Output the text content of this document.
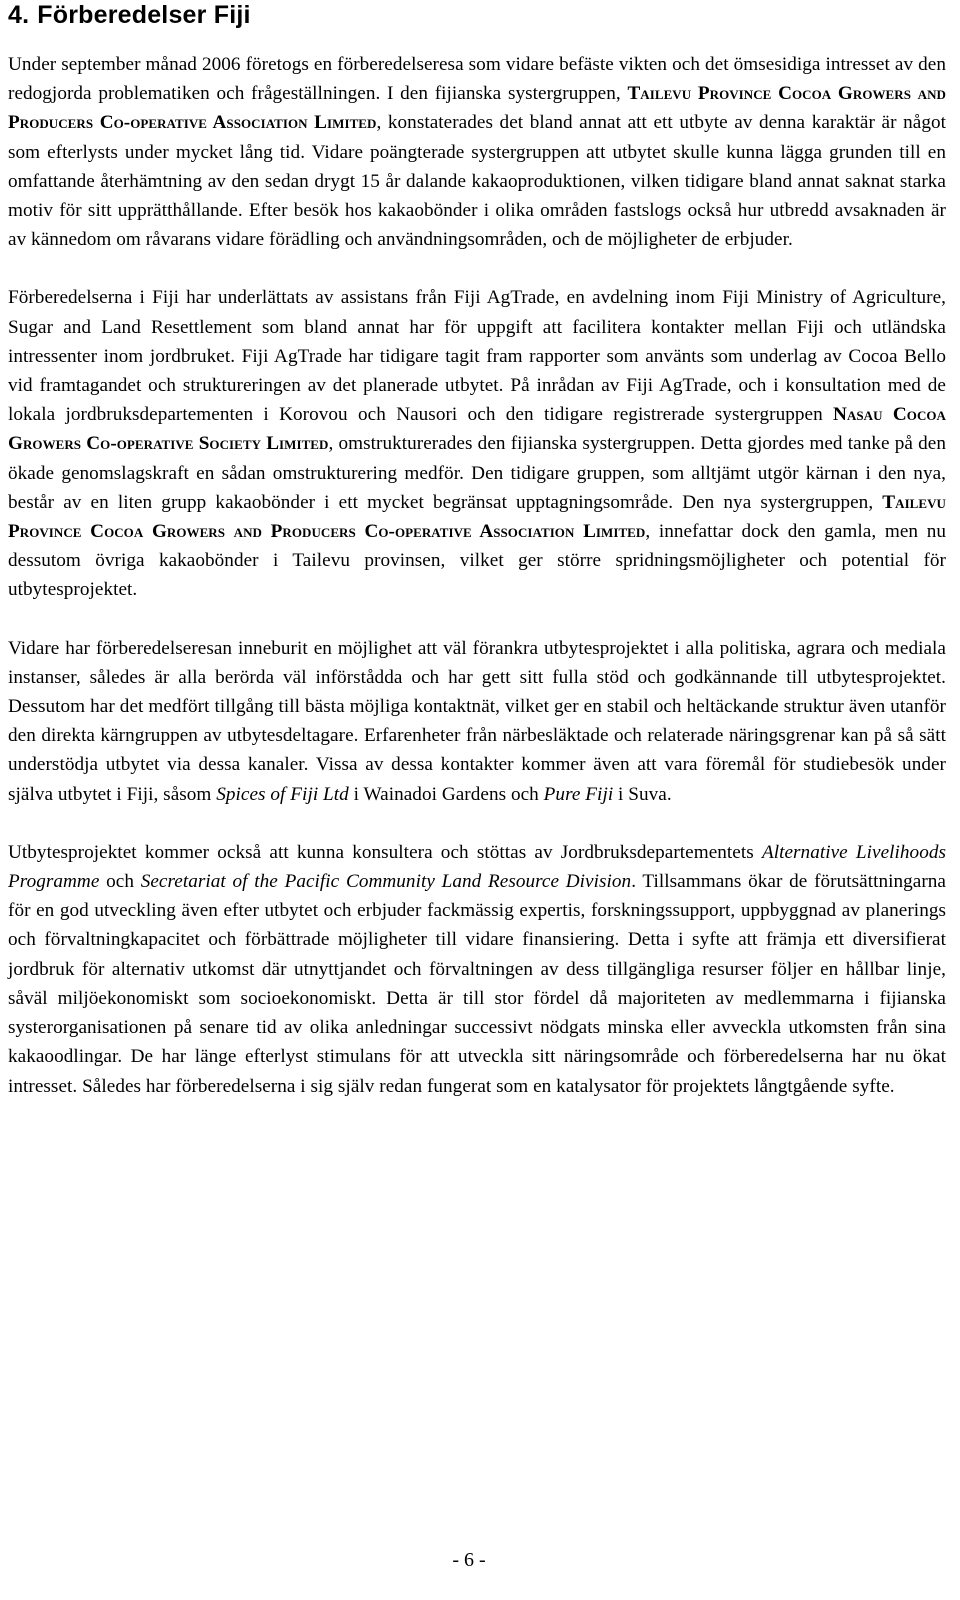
4. Förberedelser Fiji

Under september månad 2006 företogs en förberedelseresa som vidare befäste vikten och det ömsesidiga intresset av den redogjorda problematiken och frågeställningen. I den fijianska systergruppen, Tailevu Province Cocoa Growers and Producers Co-operative Association Limited, konstaterades det bland annat att ett utbyte av denna karaktär är något som efterlysts under mycket lång tid. Vidare poängterade systergruppen att utbytet skulle kunna lägga grunden till en omfattande återhämtning av den sedan drygt 15 år dalande kakaoproduktionen, vilken tidigare bland annat saknat starka motiv för sitt upprätthållande. Efter besök hos kakaobönder i olika områden fastslogs också hur utbredd avsaknaden är av kännedom om råvarans vidare förädling och användningsområden, och de möjligheter de erbjuder.

Förberedelserna i Fiji har underlättats av assistans från Fiji AgTrade, en avdelning inom Fiji Ministry of Agriculture, Sugar and Land Resettlement som bland annat har för uppgift att facilitera kontakter mellan Fiji och utländska intressenter inom jordbruket. Fiji AgTrade har tidigare tagit fram rapporter som använts som underlag av Cocoa Bello vid framtagandet och struktureringen av det planerade utbytet. På inrådan av Fiji AgTrade, och i konsultation med de lokala jordbruksdepartementen i Korovou och Nausori och den tidigare registrerade systergruppen Nasau Cocoa Growers Co-operative Society Limited, omstrukturerades den fijianska systergruppen. Detta gjordes med tanke på den ökade genomslagskraft en sådan omstrukturering medför. Den tidigare gruppen, som alltjämt utgör kärnan i den nya, består av en liten grupp kakaobönder i ett mycket begränsat upptagningsområde. Den nya systergruppen, Tailevu Province Cocoa Growers and Producers Co-operative Association Limited, innefattar dock den gamla, men nu dessutom övriga kakaobönder i Tailevu provinsen, vilket ger större spridningsmöjligheter och potential för utbytesprojektet.

Vidare har förberedelseresan inneburit en möjlighet att väl förankra utbytesprojektet i alla politiska, agrara och mediala instanser, således är alla berörda väl införstådda och har gett sitt fulla stöd och godkännande till utbytesprojektet. Dessutom har det medfört tillgång till bästa möjliga kontaktnät, vilket ger en stabil och heltäckande struktur även utanför den direkta kärngruppen av utbytesdeltagare. Erfarenheter från närbesläktade och relaterade näringsgrenar kan på så sätt understödja utbytet via dessa kanaler. Vissa av dessa kontakter kommer även att vara föremål för studiebesök under själva utbytet i Fiji, såsom Spices of Fiji Ltd i Wainadoi Gardens och Pure Fiji i Suva.

Utbytesprojektet kommer också att kunna konsultera och stöttas av Jordbruksdepartementets Alternative Livelihoods Programme och Secretariat of the Pacific Community Land Resource Division. Tillsammans ökar de förutsättningarna för en god utveckling även efter utbytet och erbjuder fackmässig expertis, forskningssupport, uppbyggnad av planerings och förvaltningkapacitet och förbättrade möjligheter till vidare finansiering. Detta i syfte att främja ett diversifierat jordbruk för alternativ utkomst där utnyttjandet och förvaltningen av dess tillgängliga resurser följer en hållbar linje, såväl miljöekonomiskt som socioekonomiskt. Detta är till stor fördel då majoriteten av medlemmarna i fijianska systerorganisationen på senare tid av olika anledningar successivt nödgats minska eller avveckla utkomsten från sina kakaoodlingar. De har länge efterlyst stimulans för att utveckla sitt näringsområde och förberedelserna har nu ökat intresset. Således har förberedelserna i sig själv redan fungerat som en katalysator för projektets långtgående syfte.

- 6 -
